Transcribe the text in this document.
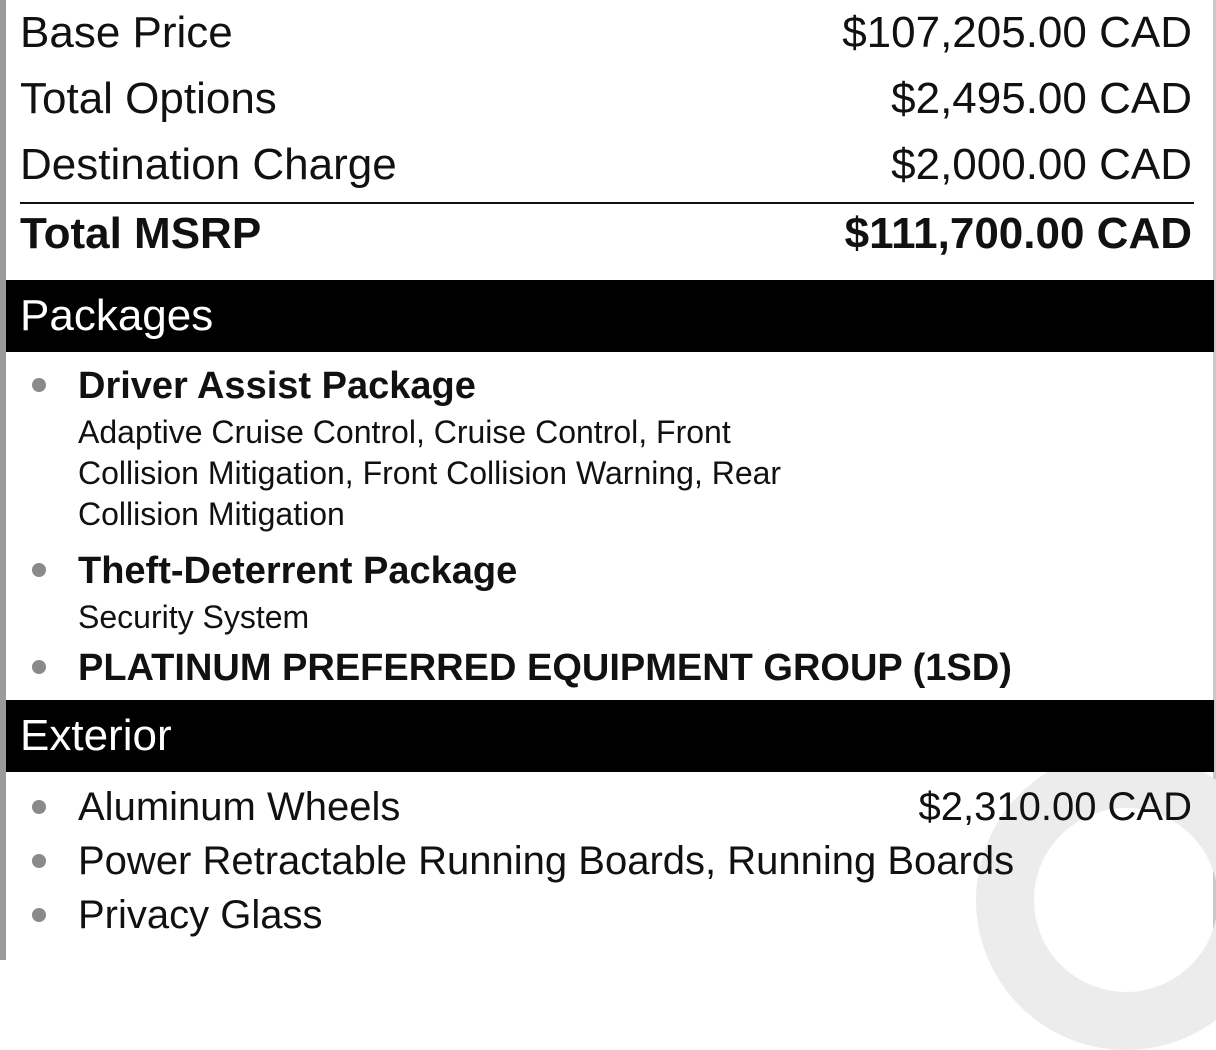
Base Price	$107,205.00 CAD
Total Options	$2,495.00 CAD
Destination Charge	$2,000.00 CAD
Total MSRP	$111,700.00 CAD
Packages
Driver Assist Package
Adaptive Cruise Control, Cruise Control, Front Collision Mitigation, Front Collision Warning, Rear Collision Mitigation
Theft-Deterrent Package
Security System
PLATINUM PREFERRED EQUIPMENT GROUP (1SD)
Exterior
Aluminum Wheels	$2,310.00 CAD
Power Retractable Running Boards, Running Boards
Privacy Glass
